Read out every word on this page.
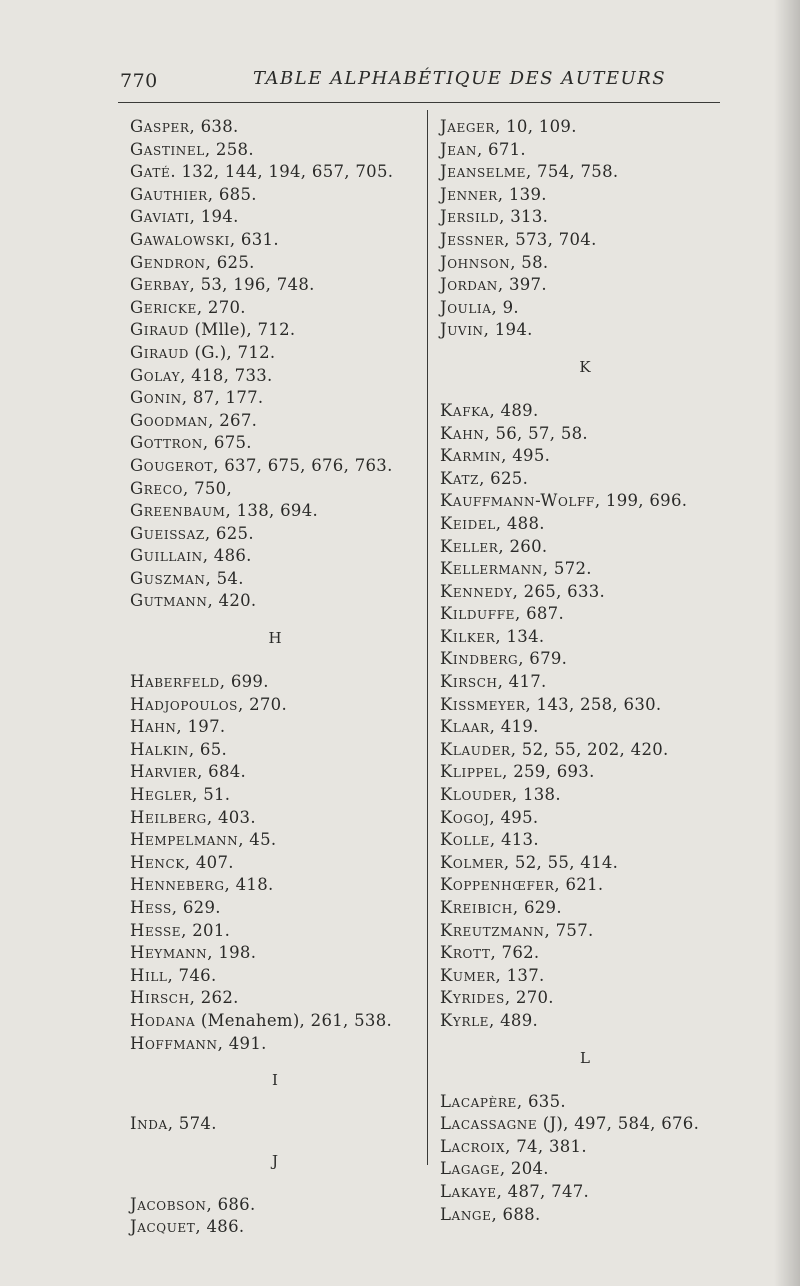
770	TABLE ALPHABÉTIQUE DES AUTEURS
Gasper, 638.
Gastinel, 258.
Gaté. 132, 144, 194, 657, 705.
Gauthier, 685.
Gaviati, 194.
Gawalowski, 631.
Gendron, 625.
Gerbay, 53, 196, 748.
Gericke, 270.
Giraud (Mlle), 712.
Giraud (G.), 712.
Golay, 418, 733.
Gonin, 87, 177.
Goodman, 267.
Gottron, 675.
Gougerot, 637, 675, 676, 763.
Greco, 750,
Greenbaum, 138, 694.
Gueissaz, 625.
Guillain, 486.
Guszman, 54.
Gutmann, 420.
H
Haberfeld, 699.
Hadjopoulos, 270.
Hahn, 197.
Halkin, 65.
Harvier, 684.
Hegler, 51.
Heilberg, 403.
Hempelmann, 45.
Henck, 407.
Henneberg, 418.
Hess, 629.
Hesse, 201.
Heymann, 198.
Hill, 746.
Hirsch, 262.
Hodana (Menahem), 261, 538.
Hoffmann, 491.
I
Inda, 574.
J
Jacobson, 686.
Jacquet, 486.
Jaeger, 10, 109.
Jean, 671.
Jeanselme, 754, 758.
Jenner, 139.
Jersild, 313.
Jessner, 573, 704.
Johnson, 58.
Jordan, 397.
Joulia, 9.
Juvin, 194.
K
Kafka, 489.
Kahn, 56, 57, 58.
Karmin, 495.
Katz, 625.
Kauffmann-Wolff, 199, 696.
Keidel, 488.
Keller, 260.
Kellermann, 572.
Kennedy, 265, 633.
Kilduffe, 687.
Kilker, 134.
Kindberg, 679.
Kirsch, 417.
Kissmeyer, 143, 258, 630.
Klaar, 419.
Klauder, 52, 55, 202, 420.
Klippel, 259, 693.
Klouder, 138.
Kogoj, 495.
Kolle, 413.
Kolmer, 52, 55, 414.
Koppenhœfer, 621.
Kreibich, 629.
Kreutzmann, 757.
Krott, 762.
Kumer, 137.
Kyrides, 270.
Kyrle, 489.
L
Lacapère, 635.
Lacassagne (J), 497, 584, 676.
Lacroix, 74, 381.
Lagage, 204.
Lakaye, 487, 747.
Lange, 688.
